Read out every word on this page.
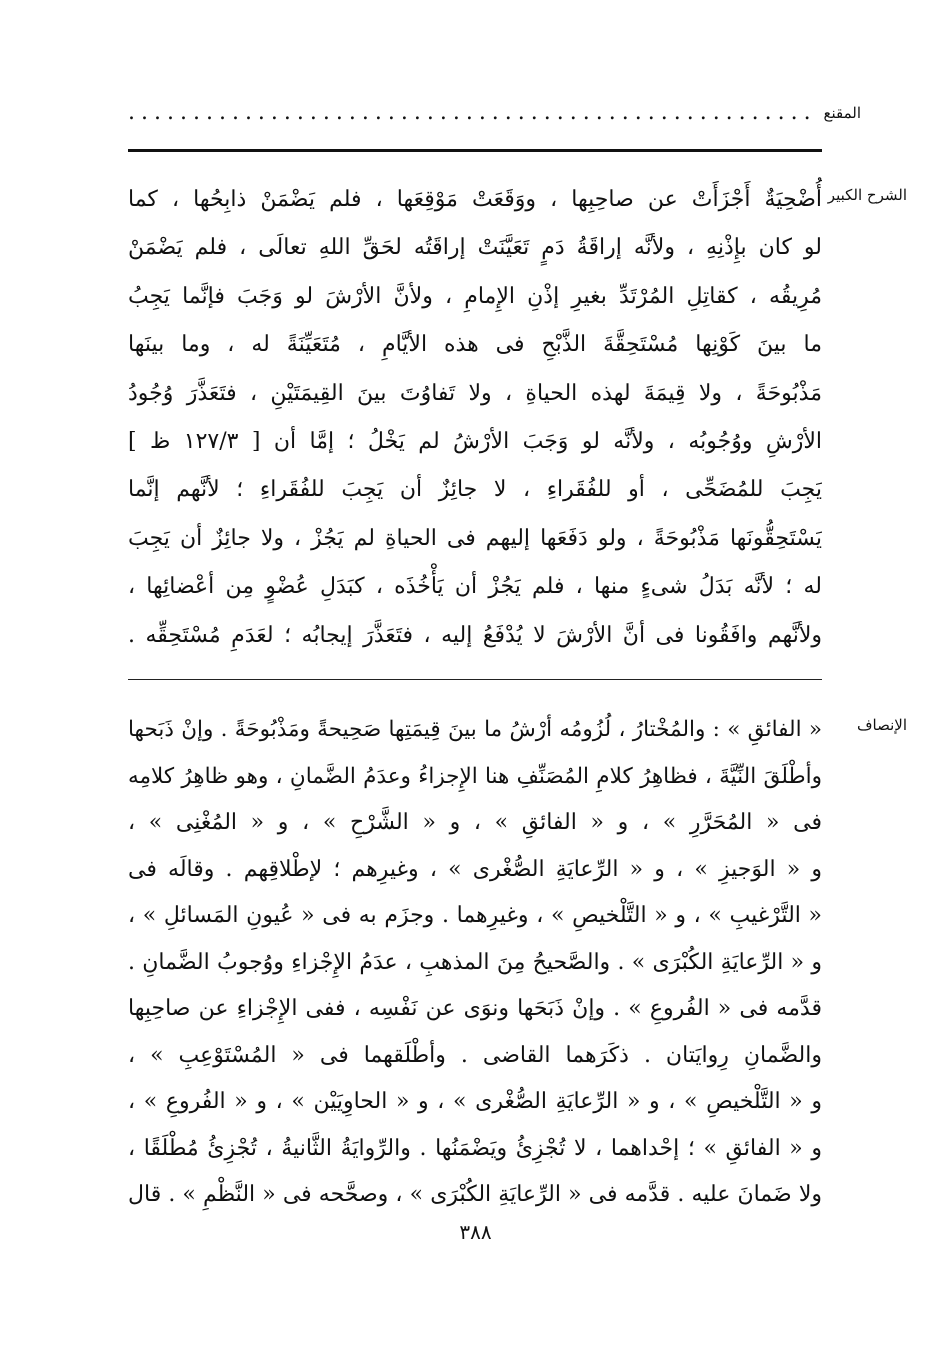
المقنع
.....................................................
الشرح الكبير
أُضْحِيَةٌ أَجْزَأَتْ عن صاحِبِها ، ووَقَعَتْ مَوْقِعَها ، فلم يَضْمَنْ ذابِحُها ، كما
لو كان بإِذْنِهِ ، ولأنَّه إراقَةُ دَمٍ تَعَيَّنَتْ إراقَتُه لحَقِّ اللهِ تعالَى ، فلم يَضْمَنْ
مُرِيقُه ، كقاتِلِ المُرْتَدِّ بغيرِ إذْنِ الإِمامِ ، ولأنَّ الأرْشَ لو وَجَبَ فإنَّما يَجِبُ
ما بينَ كَوْنِها مُسْتَحِقَّةَ الذَّبْحِ فى هذه الأيَّامِ ، مُتَعَيِّنَةً له ، وما بينَها
مَذْبُوحَةً ، ولا قِيمَةَ لهذه الحياةِ ، ولا تَفاوُتَ بينَ القِيمَتَيْنِ ، فتَعَذَّرَ وُجُودُ
الأرْشِ ووُجُوبُه ، ولأنَّه لو وَجَبَ الأرْشُ لم يَخْلُ ؛ إمَّا أن [ ١٢٧/٣ ظ ]
يَجِبَ للمُضَحِّى ، أو للفُقَراءِ ، لا جائِزٌ أن يَجِبَ للفُقَراءِ ؛ لأنَّهم إنَّما
يَسْتَحِقُّونَها مَذْبُوحَةً ، ولو دَفَعَها إليهم فى الحياةِ لم يَجُزْ ، ولا جائِزٌ أن يَجِبَ
له ؛ لأنَّه بَدَلُ شىءٍ منها ، فلم يَجُزْ أن يَأْخُذَه ، كبَدَلِ عُضْوٍ مِن أعْضائِها ،
ولأنَّهم وافَقُونا فى أنَّ الأرْشَ لا يُدْفَعُ إليه ، فتَعَذَّرَ إيجابُه ؛ لعَدَمِ مُسْتَحِقِّه .
الإنصاف
« الفائقِ » : والمُخْتارُ ، لُزُومُه أرْشُ ما بينَ قِيمَتِها صَحِيحةً ومَذْبُوحَةً . وإنْ ذَبَحها
وأطْلَقَ النِّيَّةَ ، فظاهِرُ كلامِ المُصَنِّفِ هنا الإِجزاءُ وعدَمُ الضَّمانِ ، وهو ظاهِرُ كلامِه
فى « المُحَرَّرِ » ، و « الفائقِ » ، و « الشَّرْحِ » ، و « المُغْنِى » ،
و « الوَجيزِ » ، و « الرِّعايَةِ الصُّغْرى » ، وغيرِهم ؛ لإطْلاقِهم . وقالَه فى
« التَّرْغيبِ » ، و « التَّلْخيصِ » ، وغيرِهما . وجزَم به فى « عُيونِ المَسائلِ » ،
و « الرِّعايَةِ الكُبْرَى » . والصَّحيحُ مِنَ المذهبِ ، عدَمُ الإِجْزاءِ ووُجوبُ الضَّمانِ .
قدَّمه فى « الفُروعِ » . وإنْ ذَبَحَها ونوَى عن نَفْسِه ، ففى الإِجْزاءِ عن صاحِبِها
والضَّمانِ رِوايَتان . ذكَرَهما القاضى . وأطْلَقهما فى « المُسْتَوْعِبِ » ،
و « التَّلْخيصِ » ، و « الرِّعايَةِ الصُّغْرى » ، و « الحاوِيَيْن » ، و « الفُروعِ » ،
و « الفائقِ » ؛ إحْداهما ، لا تُجْزِئُ ويَضْمَنُها . والرِّوايَةُ الثَّانيةُ ، تُجْزِئُ مُطْلَقًا ،
ولا ضَمانَ عليه . قدَّمه فى « الرِّعايَةِ الكُبْرَى » ، وصحَّحه فى « النَّظْمِ » . قال
٣٨٨
